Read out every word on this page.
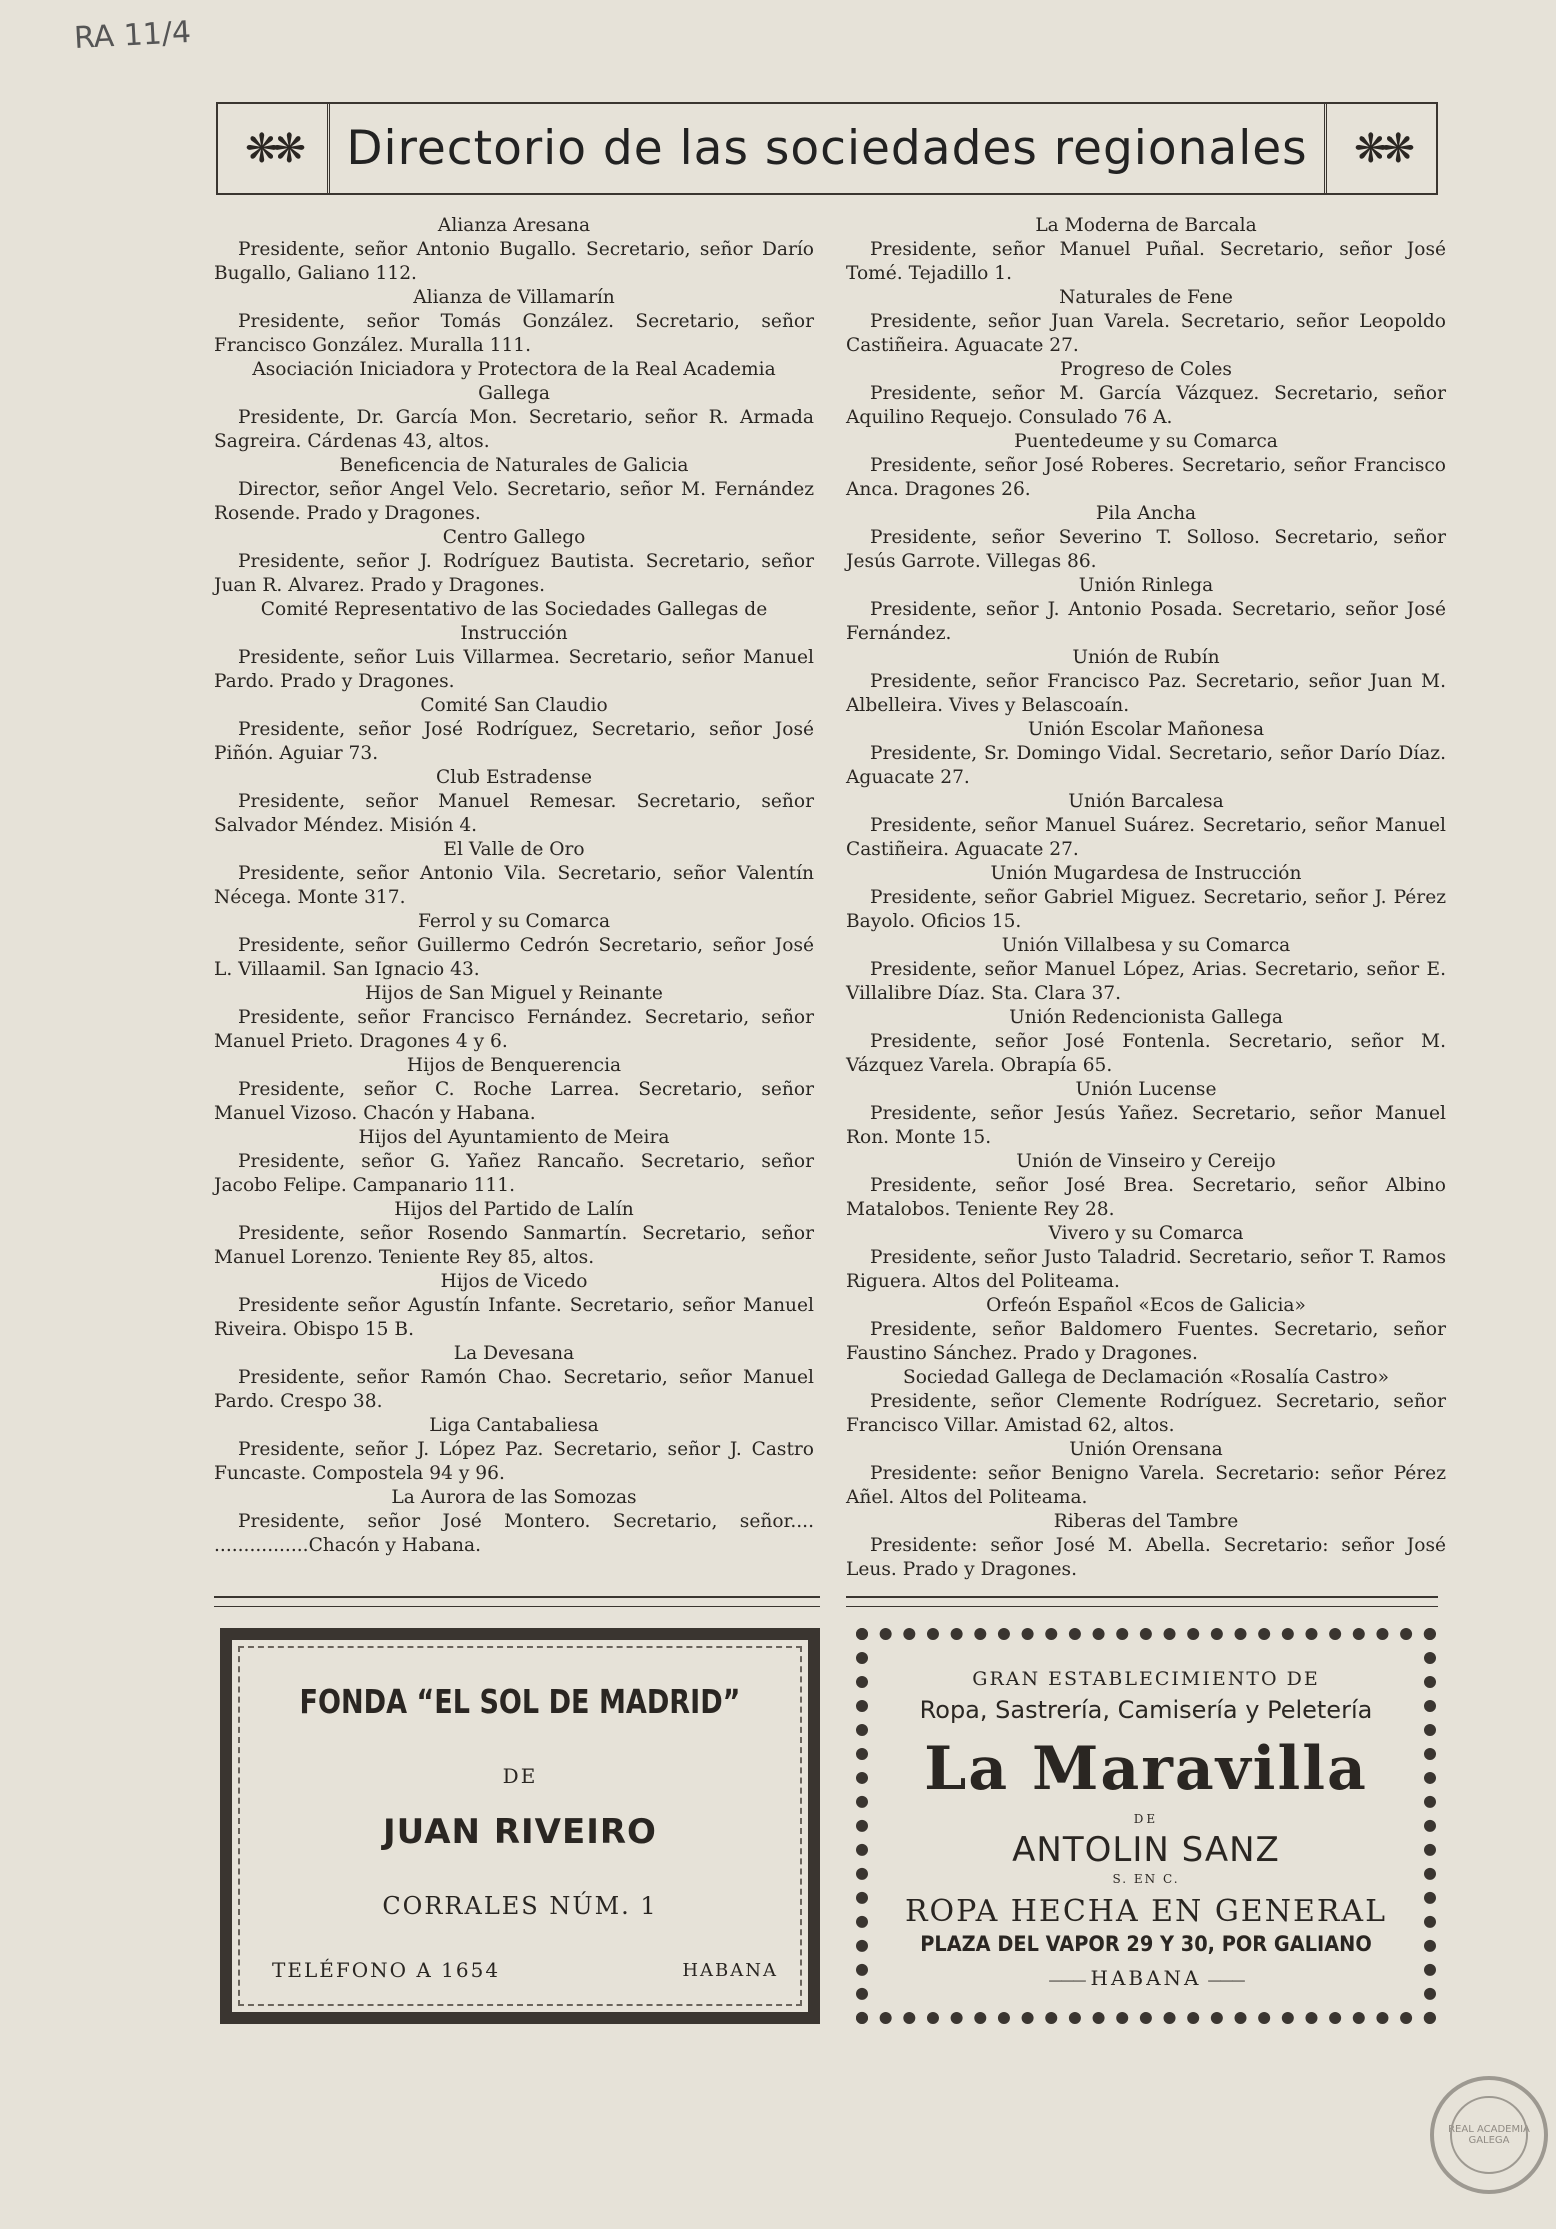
RA 11/4
❋❋ Directorio de las sociedades regionales	❋❋
Alianza Aresana
Presidente, señor Antonio Bugallo. Secretario, señor Darío Bugallo, Galiano 112.
Alianza de Villamarín
Presidente, señor Tomás González. Secretario, señor Francisco González. Muralla 111.
Asociación Iniciadora y Protectora de la Real Academia Gallega
Presidente, Dr. García Mon. Secretario, señor R. Armada Sagreira. Cárdenas 43, altos.
Beneficencia de Naturales de Galicia
Director, señor Angel Velo. Secretario, señor M. Fernández Rosende. Prado y Dragones.
Centro Gallego
Presidente, señor J. Rodríguez Bautista. Secretario, señor Juan R. Alvarez. Prado y Dragones.
Comité Representativo de las Sociedades Gallegas de Instrucción
Presidente, señor Luis Villarmea. Secretario, señor Manuel Pardo. Prado y Dragones.
Comité San Claudio
Presidente, señor José Rodríguez, Secretario, señor José Piñón. Aguiar 73.
Club Estradense
Presidente, señor Manuel Remesar. Secretario, señor Salvador Méndez. Misión 4.
El Valle de Oro
Presidente, señor Antonio Vila. Secretario, señor Valentín Nécega. Monte 317.
Ferrol y su Comarca
Presidente, señor Guillermo Cedrón Secretario, señor José L. Villaamil. San Ignacio 43.
Hijos de San Miguel y Reinante
Presidente, señor Francisco Fernández. Secretario, señor Manuel Prieto. Dragones 4 y 6.
Hijos de Benquerencia
Presidente, señor C. Roche Larrea. Secretario, señor Manuel Vizoso. Chacón y Habana.
Hijos del Ayuntamiento de Meira
Presidente, señor G. Yañez Rancaño. Secretario, señor Jacobo Felipe. Campanario 111.
Hijos del Partido de Lalín
Presidente, señor Rosendo Sanmartín. Secretario, señor Manuel Lorenzo. Teniente Rey 85, altos.
Hijos de Vicedo
Presidente señor Agustín Infante. Secretario, señor Manuel Riveira. Obispo 15 B.
La Devesana
Presidente, señor Ramón Chao. Secretario, señor Manuel Pardo. Crespo 38.
Liga Cantabaliesa
Presidente, señor J. López Paz. Secretario, señor J. Castro Funcaste. Compostela 94 y 96.
La Aurora de las Somozas
Presidente, señor José Montero. Secretario, señor.... ................Chacón y Habana.
La Moderna de Barcala
Presidente, señor Manuel Puñal. Secretario, señor José Tomé. Tejadillo 1.
Naturales de Fene
Presidente, señor Juan Varela. Secretario, señor Leopoldo Castiñeira. Aguacate 27.
Progreso de Coles
Presidente, señor M. García Vázquez. Secretario, señor Aquilino Requejo. Consulado 76 A.
Puentedeume y su Comarca
Presidente, señor José Roberes. Secretario, señor Francisco Anca. Dragones 26.
Pila Ancha
Presidente, señor Severino T. Solloso. Secretario, señor Jesús Garrote. Villegas 86.
Unión Rinlega
Presidente, señor J. Antonio Posada. Secretario, señor José Fernández.
Unión de Rubín
Presidente, señor Francisco Paz. Secretario, señor Juan M. Albelleira. Vives y Belascoaín.
Unión Escolar Mañonesa
Presidente, Sr. Domingo Vidal. Secretario, señor Darío Díaz. Aguacate 27.
Unión Barcalesa
Presidente, señor Manuel Suárez. Secretario, señor Manuel Castiñeira. Aguacate 27.
Unión Mugardesa de Instrucción
Presidente, señor Gabriel Miguez. Secretario, señor J. Pérez Bayolo. Oficios 15.
Unión Villalbesa y su Comarca
Presidente, señor Manuel López, Arias. Secretario, señor E. Villalibre Díaz. Sta. Clara 37.
Unión Redencionista Gallega
Presidente, señor José Fontenla. Secretario, señor M. Vázquez Varela. Obrapía 65.
Unión Lucense
Presidente, señor Jesús Yañez. Secretario, señor Manuel Ron. Monte 15.
Unión de Vinseiro y Cereijo
Presidente, señor José Brea. Secretario, señor Albino Matalobos. Teniente Rey 28.
Vivero y su Comarca
Presidente, señor Justo Taladrid. Secretario, señor T. Ramos Riguera. Altos del Politeama.
Orfeón Español «Ecos de Galicia»
Presidente, señor Baldomero Fuentes. Secretario, señor Faustino Sánchez. Prado y Dragones.
Sociedad Gallega de Declamación «Rosalía Castro»
Presidente, señor Clemente Rodríguez. Secretario, señor Francisco Villar. Amistad 62, altos.
Unión Orensana
Presidente: señor Benigno Varela. Secretario: señor Pérez Añel. Altos del Politeama.
Riberas del Tambre
Presidente: señor José M. Abella. Secretario: señor José Leus. Prado y Dragones.
FONDA “EL SOL DE MADRID”
DE
JUAN RIVEIRO
CORRALES NÚM. 1
TELÉFONO A 1654	HABANA
GRAN ESTABLECIMIENTO DE
Ropa, Sastrería, Camisería y Peletería
La Maravilla
DE
ANTOLIN SANZ
S. EN C.
ROPA HECHA EN GENERAL
PLAZA DEL VAPOR 29 Y 30, POR GALIANO
——— HABANA ———
REAL ACADEMIA GALEGA
